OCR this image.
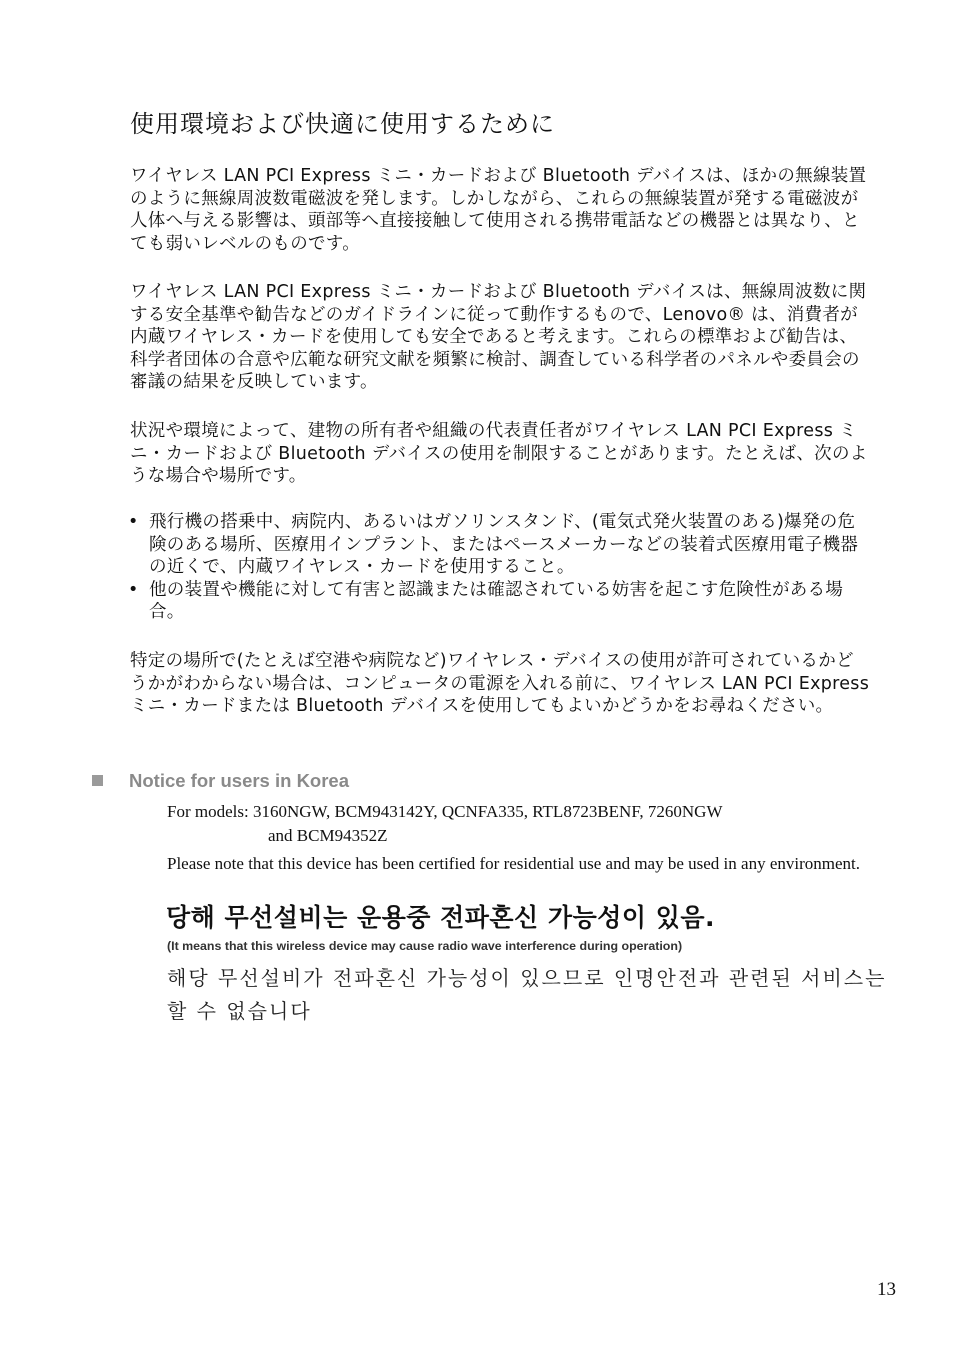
使用環境および快適に使用するために

ワイヤレス LAN PCI Express ミニ・カードおよび Bluetooth デバイスは、ほかの無線装置のように無線周波数電磁波を発します。しかしながら、これらの無線装置が発する電磁波が人体へ与える影響は、頭部等へ直接接触して使用される携帯電話などの機器とは異なり、とても弱いレベルのものです。

ワイヤレス LAN PCI Express ミニ・カードおよび Bluetooth デバイスは、無線周波数に関する安全基準や勧告などのガイドラインに従って動作するもので、Lenovo® は、消費者が内蔵ワイヤレス・カードを使用しても安全であると考えます。これらの標準および勧告は、科学者団体の合意や広範な研究文献を頻繁に検討、調査している科学者のパネルや委員会の審議の結果を反映しています。

状況や環境によって、建物の所有者や組織の代表責任者がワイヤレス LAN PCI Express ミニ・カードおよび Bluetooth デバイスの使用を制限することがあります。たとえば、次のような場合や場所です。

• 飛行機の搭乗中、病院内、あるいはガソリンスタンド、(電気式発火装置のある)爆発の危険のある場所、医療用インプラント、またはペースメーカーなどの装着式医療用電子機器の近くで、内蔵ワイヤレス・カードを使用すること。
• 他の装置や機能に対して有害と認識または確認されている妨害を起こす危険性がある場合。

特定の場所で(たとえば空港や病院など)ワイヤレス・デバイスの使用が許可されているかどうかがわからない場合は、コンピュータの電源を入れる前に、ワイヤレス LAN PCI Express ミニ・カードまたは Bluetooth デバイスを使用してもよいかどうかをお尋ねください。

Notice for users in Korea
For models: 3160NGW, BCM943142Y, QCNFA335, RTL8723BENF, 7260NGW
and BCM94352Z

Please note that this device has been certified for residential use and may be used in any environment.

당해 무선설비는 운용중 전파혼신 가능성이 있음.
(It means that this wireless device may cause radio wave interference during operation)
해당 무선설비가 전파혼신 가능성이 있으므로 인명안전과 관련된 서비스는 할 수 없습니다
13
